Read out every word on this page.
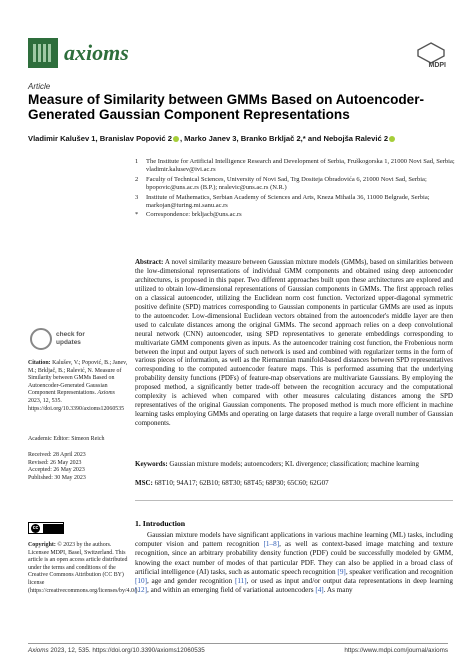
axioms
MDPI
Article
Measure of Similarity between GMMs Based on Autoencoder-Generated Gaussian Component Representations
Vladimir Kalušev 1, Branislav Popović 2 , Marko Janev 3, Branko Brkljač 2,* and Nebojša Ralević 2
1 The Institute for Artificial Intelligence Research and Development of Serbia, Fruškogorska 1, 21000 Novi Sad, Serbia; vladimir.kalusev@ivi.ac.rs
2 Faculty of Technical Sciences, University of Novi Sad, Trg Dositeja Obradovića 6, 21000 Novi Sad, Serbia; bpopovic@uns.ac.rs (B.P.); nralevic@uns.ac.rs (N.R.)
3 Institute of Mathematics, Serbian Academy of Sciences and Arts, Kneza Mihaila 36, 11000 Belgrade, Serbia; markojan@turing.mi.sanu.ac.rs
* Correspondence: brkljacb@uns.ac.rs
Abstract: A novel similarity measure between Gaussian mixture models (GMMs), based on similarities between the low-dimensional representations of individual GMM components and obtained using deep autoencoder architectures, is proposed in this paper. Two different approaches built upon these architectures are explored and utilized to obtain low-dimensional representations of Gaussian components in GMMs. The first approach relies on a classical autoencoder, utilizing the Euclidean norm cost function. Vectorized upper-diagonal symmetric positive definite (SPD) matrices corresponding to Gaussian components in particular GMMs are used as inputs to the autoencoder. Low-dimensional Euclidean vectors obtained from the autoencoder's middle layer are then used to calculate distances among the original GMMs. The second approach relies on a deep convolutional neural network (CNN) autoencoder, using SPD representatives to generate embeddings corresponding to multivariate GMM components given as inputs. As the autoencoder training cost function, the Frobenious norm between the input and output layers of such network is used and combined with regularizer terms in the form of various pieces of information, as well as the Riemannian manifold-based distances between SPD representatives corresponding to the computed autoencoder feature maps. This is performed assuming that the underlying probability density functions (PDFs) of feature-map observations are multivariate Gaussians. By employing the proposed method, a significantly better trade-off between the recognition accuracy and the computational complexity is achieved when compared with other measures calculating distances among the SPD representatives of the original Gaussian components. The proposed method is much more efficient in machine learning tasks employing GMMs and operating on large datasets that require a large overall number of Gaussian components.
Keywords: Gaussian mixture models; autoencoders; KL divergence; classification; machine learning
MSC: 68T10; 94A17; 62B10; 68T30; 68T45; 68P30; 65C60; 62G07
1. Introduction
Gaussian mixture models have significant applications in various machine learning (ML) tasks, including computer vision and pattern recognition [1–8], as well as context-based image matching and texture recognition, since an arbitrary probability density function (PDF) could be successfully modeled by GMM, knowing the exact number of modes of that particular PDF. They can also be applied in a broad class of artificial intelligence (AI) tasks, such as automatic speech recognition [9], speaker verification and recognition [10], age and gender recognition [11], or used as input and/or output data representations in deep learning [12], and within an emerging field of variational autoencoders [4]. As many
check for
updates
Citation: Kalušev, V.; Popović, B.; Janev, M.; Brkljač, B.; Ralević, N. Measure of Similarity between GMMs Based on Autoencoder-Generated Gaussian Component Representations. Axioms 2023, 12, 535. https://doi.org/10.3390/axioms12060535
Academic Editor: Simeon Reich
Received: 28 April 2023
Revised: 26 May 2023
Accepted: 26 May 2023
Published: 30 May 2023
cc
Copyright: © 2023 by the authors. Licensee MDPI, Basel, Switzerland. This article is an open access article distributed under the terms and conditions of the Creative Commons Attribution (CC BY) license (https://creativecommons.org/licenses/by/4.0/).
Axioms 2023, 12, 535. https://doi.org/10.3390/axioms12060535	https://www.mdpi.com/journal/axioms
